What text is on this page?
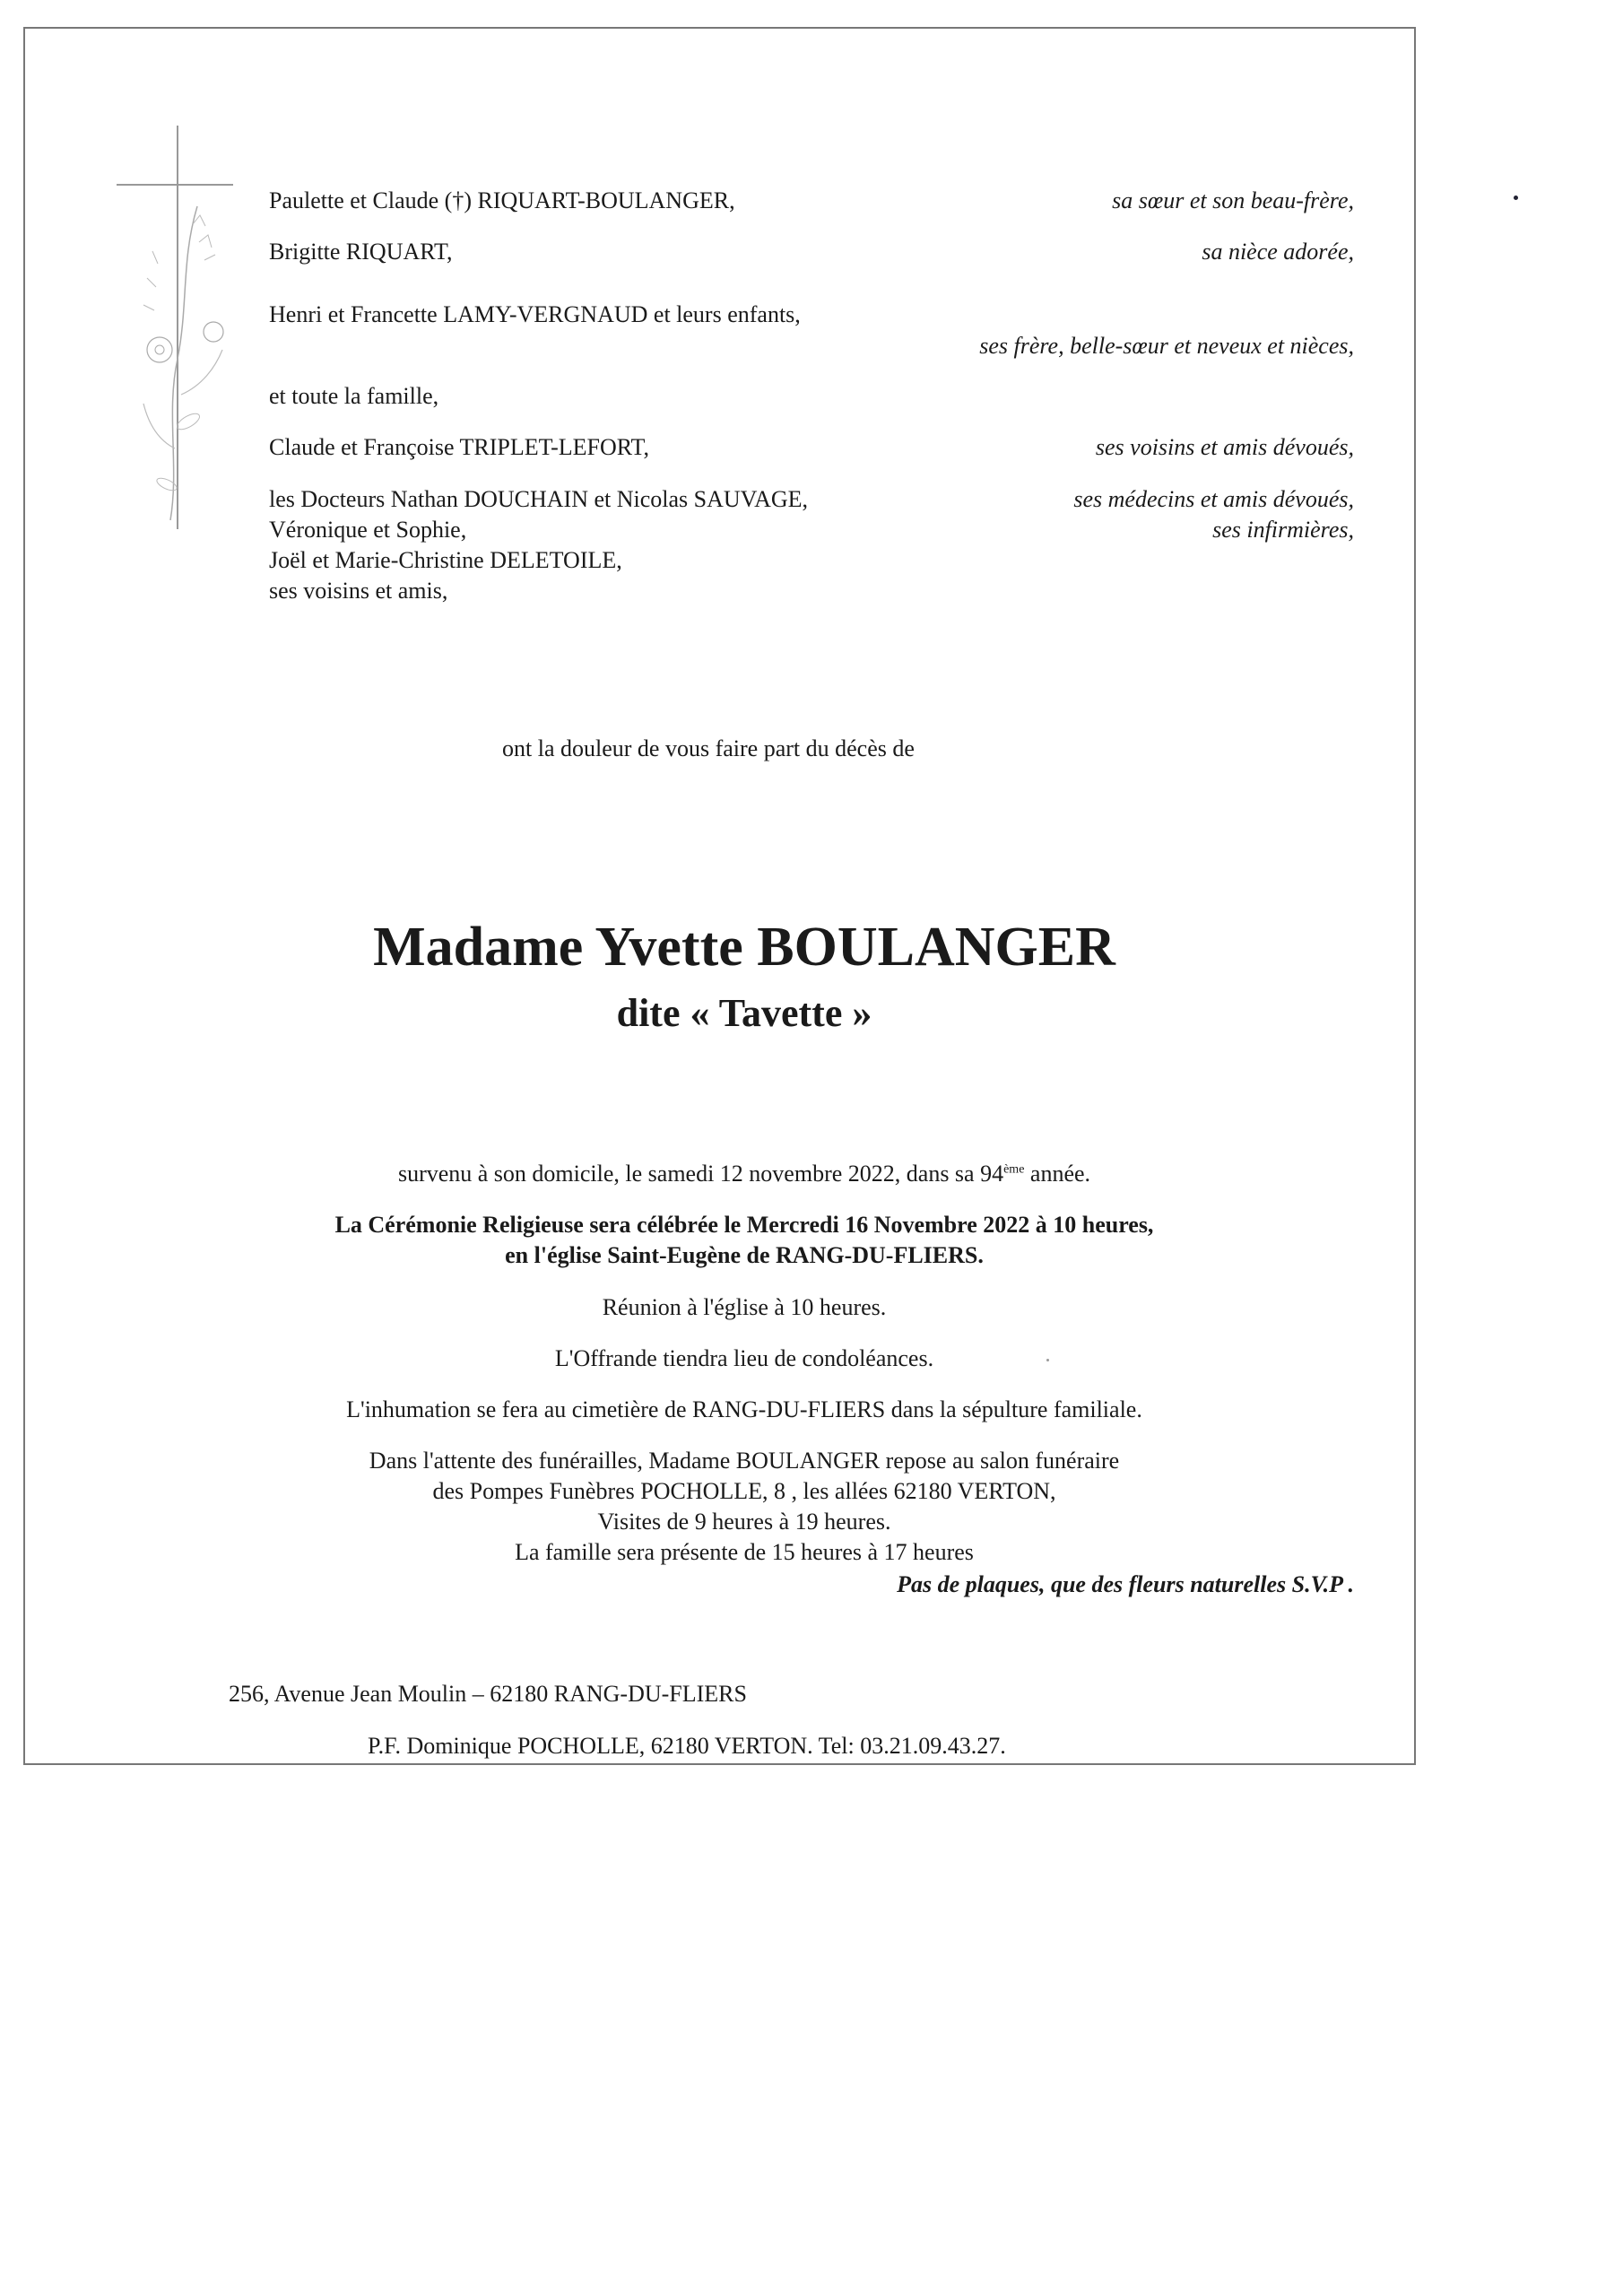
Paulette et Claude (†) RIQUART-BOULANGER,
Brigitte RIQUART,
Henri et Francette LAMY-VERGNAUD et leurs enfants,
et toute la famille,
Claude et Françoise TRIPLET-LEFORT,
les Docteurs Nathan DOUCHAIN et Nicolas SAUVAGE,
Véronique et Sophie,
Joël et Marie-Christine DELETOILE,
ses voisins et amis,
sa sœur et son beau-frère,
sa nièce adorée,
ses frère, belle-sœur et neveux et nièces,
ses voisins et amis dévoués,
ses médecins et amis dévoués,
ses infirmières,
ont la douleur de vous faire part du décès de
Madame Yvette BOULANGER
dite « Tavette »
survenu à son domicile, le samedi 12 novembre 2022, dans sa 94ème année.
La Cérémonie Religieuse sera célébrée le Mercredi 16 Novembre 2022 à 10 heures,
en l'église Saint-Eugène de RANG-DU-FLIERS.
Réunion à l'église à 10 heures.
L'Offrande tiendra lieu de condoléances.
L'inhumation se fera au cimetière de RANG-DU-FLIERS dans la sépulture familiale.
Dans l'attente des funérailles, Madame BOULANGER repose au salon funéraire
des Pompes Funèbres POCHOLLE, 8 , les allées 62180 VERTON,
Visites de 9 heures à 19 heures.
La famille sera présente de 15 heures à 17 heures
Pas de plaques, que des fleurs naturelles S.V.P .
256, Avenue Jean Moulin – 62180 RANG-DU-FLIERS
P.F. Dominique POCHOLLE, 62180 VERTON. Tel: 03.21.09.43.27.
